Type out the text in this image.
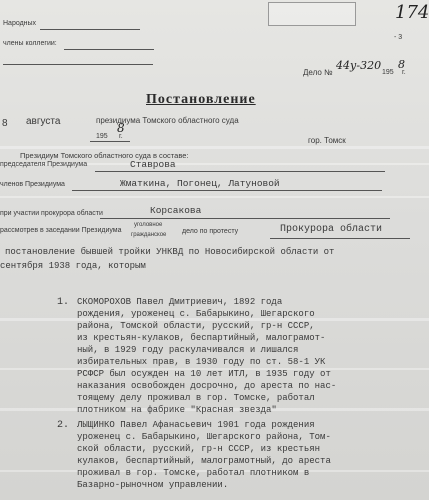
174
Народных
- 3
члены коллегии:
Дело №
44у-320 8
195 г.
Постановление
8 августа	президиума Томского областного суда
8
195 г.	гор. Томск
Президиум Томского областного суда в составе:
председателя Президиума	Ставрова
членов Президиума	Жматкина, Погонец, Латуновой
при участии прокурора области	Корсакова
рассмотрев в заседании Президиума
уголовное
гражданское дело по протесту	Прокурора области
постановление бывшей тройки УНКВД по Новосибирской области от
сентября 1938 года, которым
1. СКОМОРОХОВ Павел Дмитриевич, 1892 года
рождения, уроженец с. Бабарыкино, Шегарского
района, Томской области, русский, гр-н СССР,
из крестьян-кулаков, беспартийный, малограмот-
ный, в 1929 году раскулачивался и лишался
избирательных прав, в 1930 году по ст. 58-1 УК
РСФСР был осужден на 10 лет ИТЛ, в 1935 году от
наказания освобожден досрочно, до ареста по нас-
тоящему делу проживал в гор. Томске, работал
плотником на фабрике "Красная звезда"
2. ЛЫЩИНКО Павел Афанасьевич 1901 года рождения
уроженец с. Бабарыкино, Шегарского района, Том-
ской области, русский, гр-н СССР, из крестьян
кулаков, беспартийный, малограмотный, до ареста
проживал в гор. Томске, работал плотником в
Базарно-рыночном управлении.
